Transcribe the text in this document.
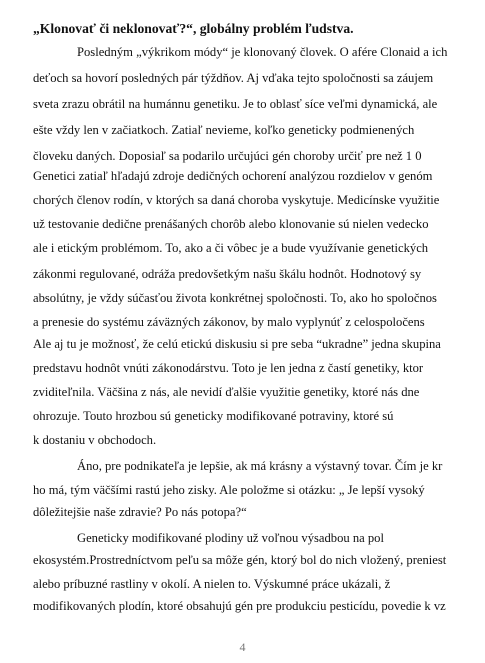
„Klonovať či neklonovať?“, globálny problém ľudstva.
Posledným „výkrikom módy“ je klonovaný človek. O afére Clonaid a ich
deťoch sa hovorí posledných pár týždňov. Aj vďaka tejto spoločnosti sa záujem
sveta zrazu obrátil na humánnu genetiku. Je to oblasť síce veľmi dynamická, ale
ešte vždy len v začiatkoch. Zatiaľ nevieme, koľko geneticky podmienených
človeku daných. Doposiaľ sa podarilo určujúci gén choroby určiť pre než 1 0
Genetici zatiaľ hľadajú zdroje dedičných ochorení analýzou rozdielov v genóm
chorých členov rodín, v ktorých sa daná choroba vyskytuje. Medicínske využitie
už testovanie dedične prenášaných chorôb alebo klonovanie sú nielen vedecko
ale i etickým problémom. To, ako a či vôbec je a bude využívanie genetických
zákonmi regulované, odráža predovšetkým našu škálu hodnôt. Hodnotový sy
absolútny, je vždy súčasťou života konkrétnej spoločnosti. To, ako ho spoločnos
a prenesie do systému záväzných zákonov, by malo vyplynúť z celospoločens
Ale aj tu je možnosť, že celú etickú diskusiu si pre seba “ukradne” jedna skupina
predstavu hodnôt vnúti zákonodárstvu. Toto je len jedna z častí genetiky, ktor
zviditeľnila. Väčšina z nás, ale nevidí ďalšie využitie genetiky, ktoré nás dne
ohrozuje. Touto hrozbou sú geneticky modifikované potraviny, ktoré sú
k dostaniu v obchodoch.
Áno, pre podnikateľa je lepšie, ak má krásny a výstavný tovar. Čím je kr
ho má, tým väčšími rastú jeho zisky. Ale položme si otázku: „ Je lepší vysoký
dôležitejšie naše zdravie? Po nás potopa?“
Geneticky modifikované plodiny už voľnou výsadbou na pol
ekosystém.Prostredníctvom peľu sa môže gén, ktorý bol do nich vložený, preniest
alebo príbuzné rastliny v okolí. A nielen to. Výskumné práce ukázali, ž
modifikovaných plodín, ktoré obsahujú gén pre produkciu pesticídu, povedie k vz
4
